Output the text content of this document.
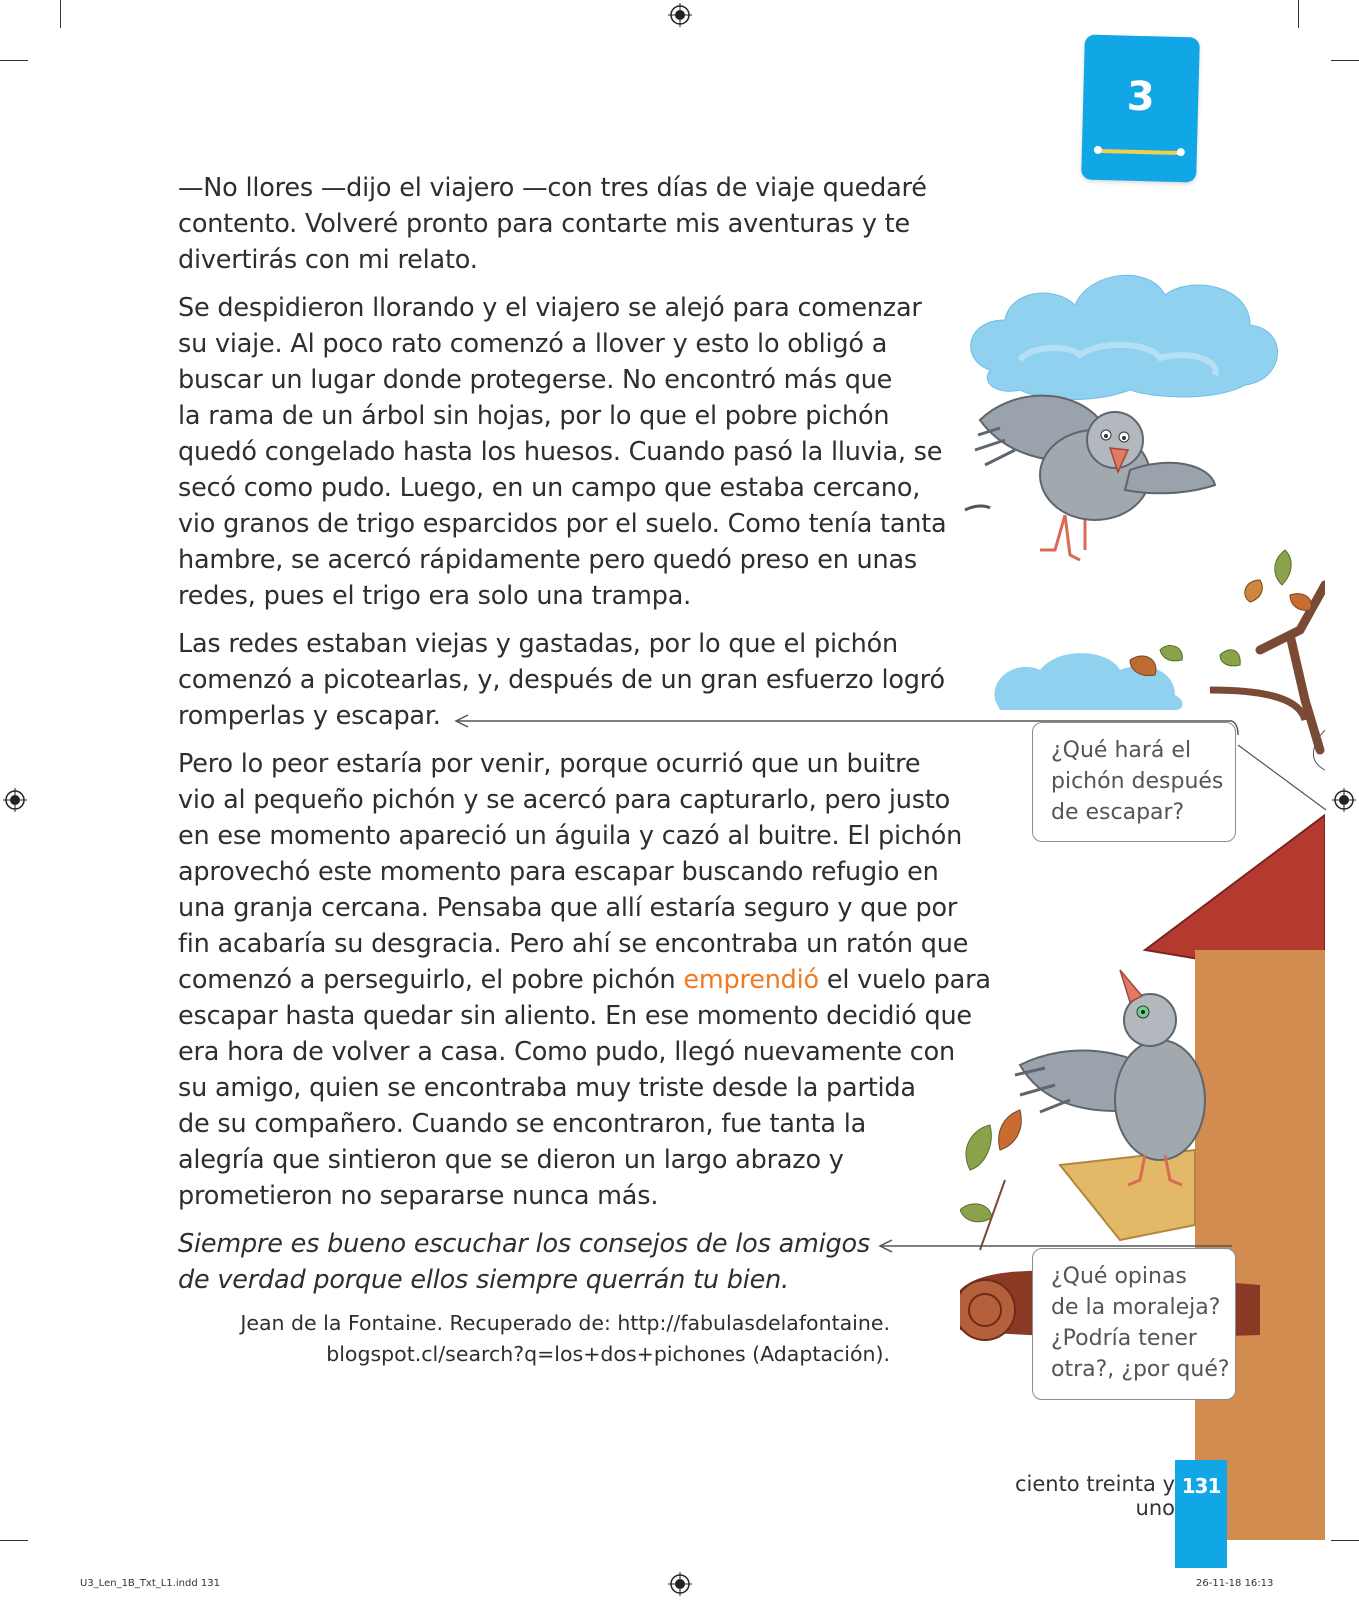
3

—No llores —dijo el viajero —con tres días de viaje quedaré
contento. Volveré pronto para contarte mis aventuras y te
divertirás con mi relato.

Se despidieron llorando y el viajero se alejó para comenzar
su viaje. Al poco rato comenzó a llover y esto lo obligó a
buscar un lugar donde protegerse. No encontró más que
la rama de un árbol sin hojas, por lo que el pobre pichón
quedó congelado hasta los huesos. Cuando pasó la lluvia, se
secó como pudo. Luego, en un campo que estaba cercano,
vio granos de trigo esparcidos por el suelo. Como tenía tanta
hambre, se acercó rápidamente pero quedó preso en unas
redes, pues el trigo era solo una trampa.

Las redes estaban viejas y gastadas, por lo que el pichón
comenzó a picotearlas, y, después de un gran esfuerzo logró
romperlas y escapar.

Pero lo peor estaría por venir, porque ocurrió que un buitre
vio al pequeño pichón y se acercó para capturarlo, pero justo
en ese momento apareció un águila y cazó al buitre. El pichón
aprovechó este momento para escapar buscando refugio en
una granja cercana. Pensaba que allí estaría seguro y que por
fin acabaría su desgracia. Pero ahí se encontraba un ratón que
comenzó a perseguirlo, el pobre pichón emprendió el vuelo para
escapar hasta quedar sin aliento. En ese momento decidió que
era hora de volver a casa. Como pudo, llegó nuevamente con
su amigo, quien se encontraba muy triste desde la partida
de su compañero. Cuando se encontraron, fue tanta la
alegría que sintieron que se dieron un largo abrazo y
prometieron no separarse nunca más.

Siempre es bueno escuchar los consejos de los amigos
de verdad porque ellos siempre querrán tu bien.

Jean de la Fontaine. Recuperado de: http://fabulasdelafontaine.
blogspot.cl/search?q=los+dos+pichones (Adaptación).
¿Qué hará el
pichón después
de escapar?
¿Qué opinas
de la moraleja?
¿Podría tener
otra?, ¿por qué?
ciento treinta y uno
131
U3_Len_1B_Txt_L1.indd 131	26-11-18 16:13
